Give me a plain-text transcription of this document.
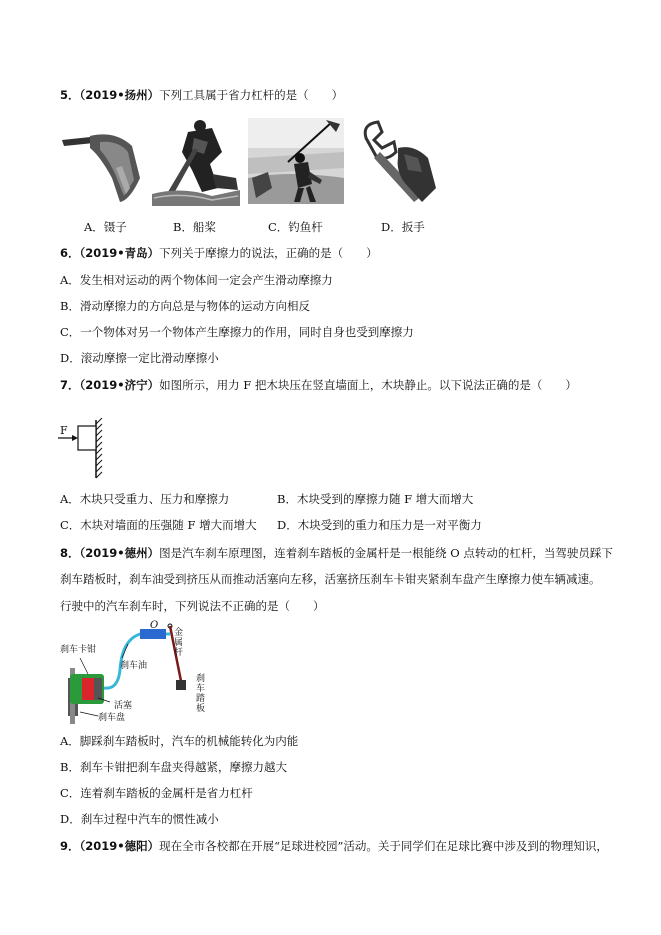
5．（2019•扬州）下列工具属于省力杠杆的是（　　）
A．镊子	B．船桨	C．钓鱼杆	D．扳手
6．（2019•青岛）下列关于摩擦力的说法，正确的是（　　）
A．发生相对运动的两个物体间一定会产生滑动摩擦力
B．滑动摩擦力的方向总是与物体的运动方向相反
C．一个物体对另一个物体产生摩擦力的作用，同时自身也受到摩擦力
D．滚动摩擦一定比滑动摩擦小
7．（2019•济宁）如图所示，用力 F 把木块压在竖直墙面上，木块静止。以下说法正确的是（　　）
F
A．木块只受重力、压力和摩擦力	B．木块受到的摩擦力随 F 增大而增大
C．木块对墙面的压强随 F 增大而增大 D．木块受到的重力和压力是一对平衡力
8．（2019•德州）图是汽车刹车原理图，连着刹车踏板的金属杆是一根能绕 O 点转动的杠杆，当驾驶员踩下
刹车踏板时，刹车油受到挤压从而推动活塞向左移，活塞挤压刹车卡钳夹紧刹车盘产生摩擦力使车辆减速。
行驶中的汽车刹车时，下列说法不正确的是（　　）
刹车卡钳
刹车油
O
金
属
杆
刹
车
踏
板
活塞
刹车盘
A．脚踩刹车踏板时，汽车的机械能转化为内能
B．刹车卡钳把刹车盘夹得越紧，摩擦力越大
C．连着刹车踏板的金属杆是省力杠杆
D．刹车过程中汽车的惯性减小
9．（2019•德阳）现在全市各校都在开展“足球进校园”活动。关于同学们在足球比赛中涉及到的物理知识，
